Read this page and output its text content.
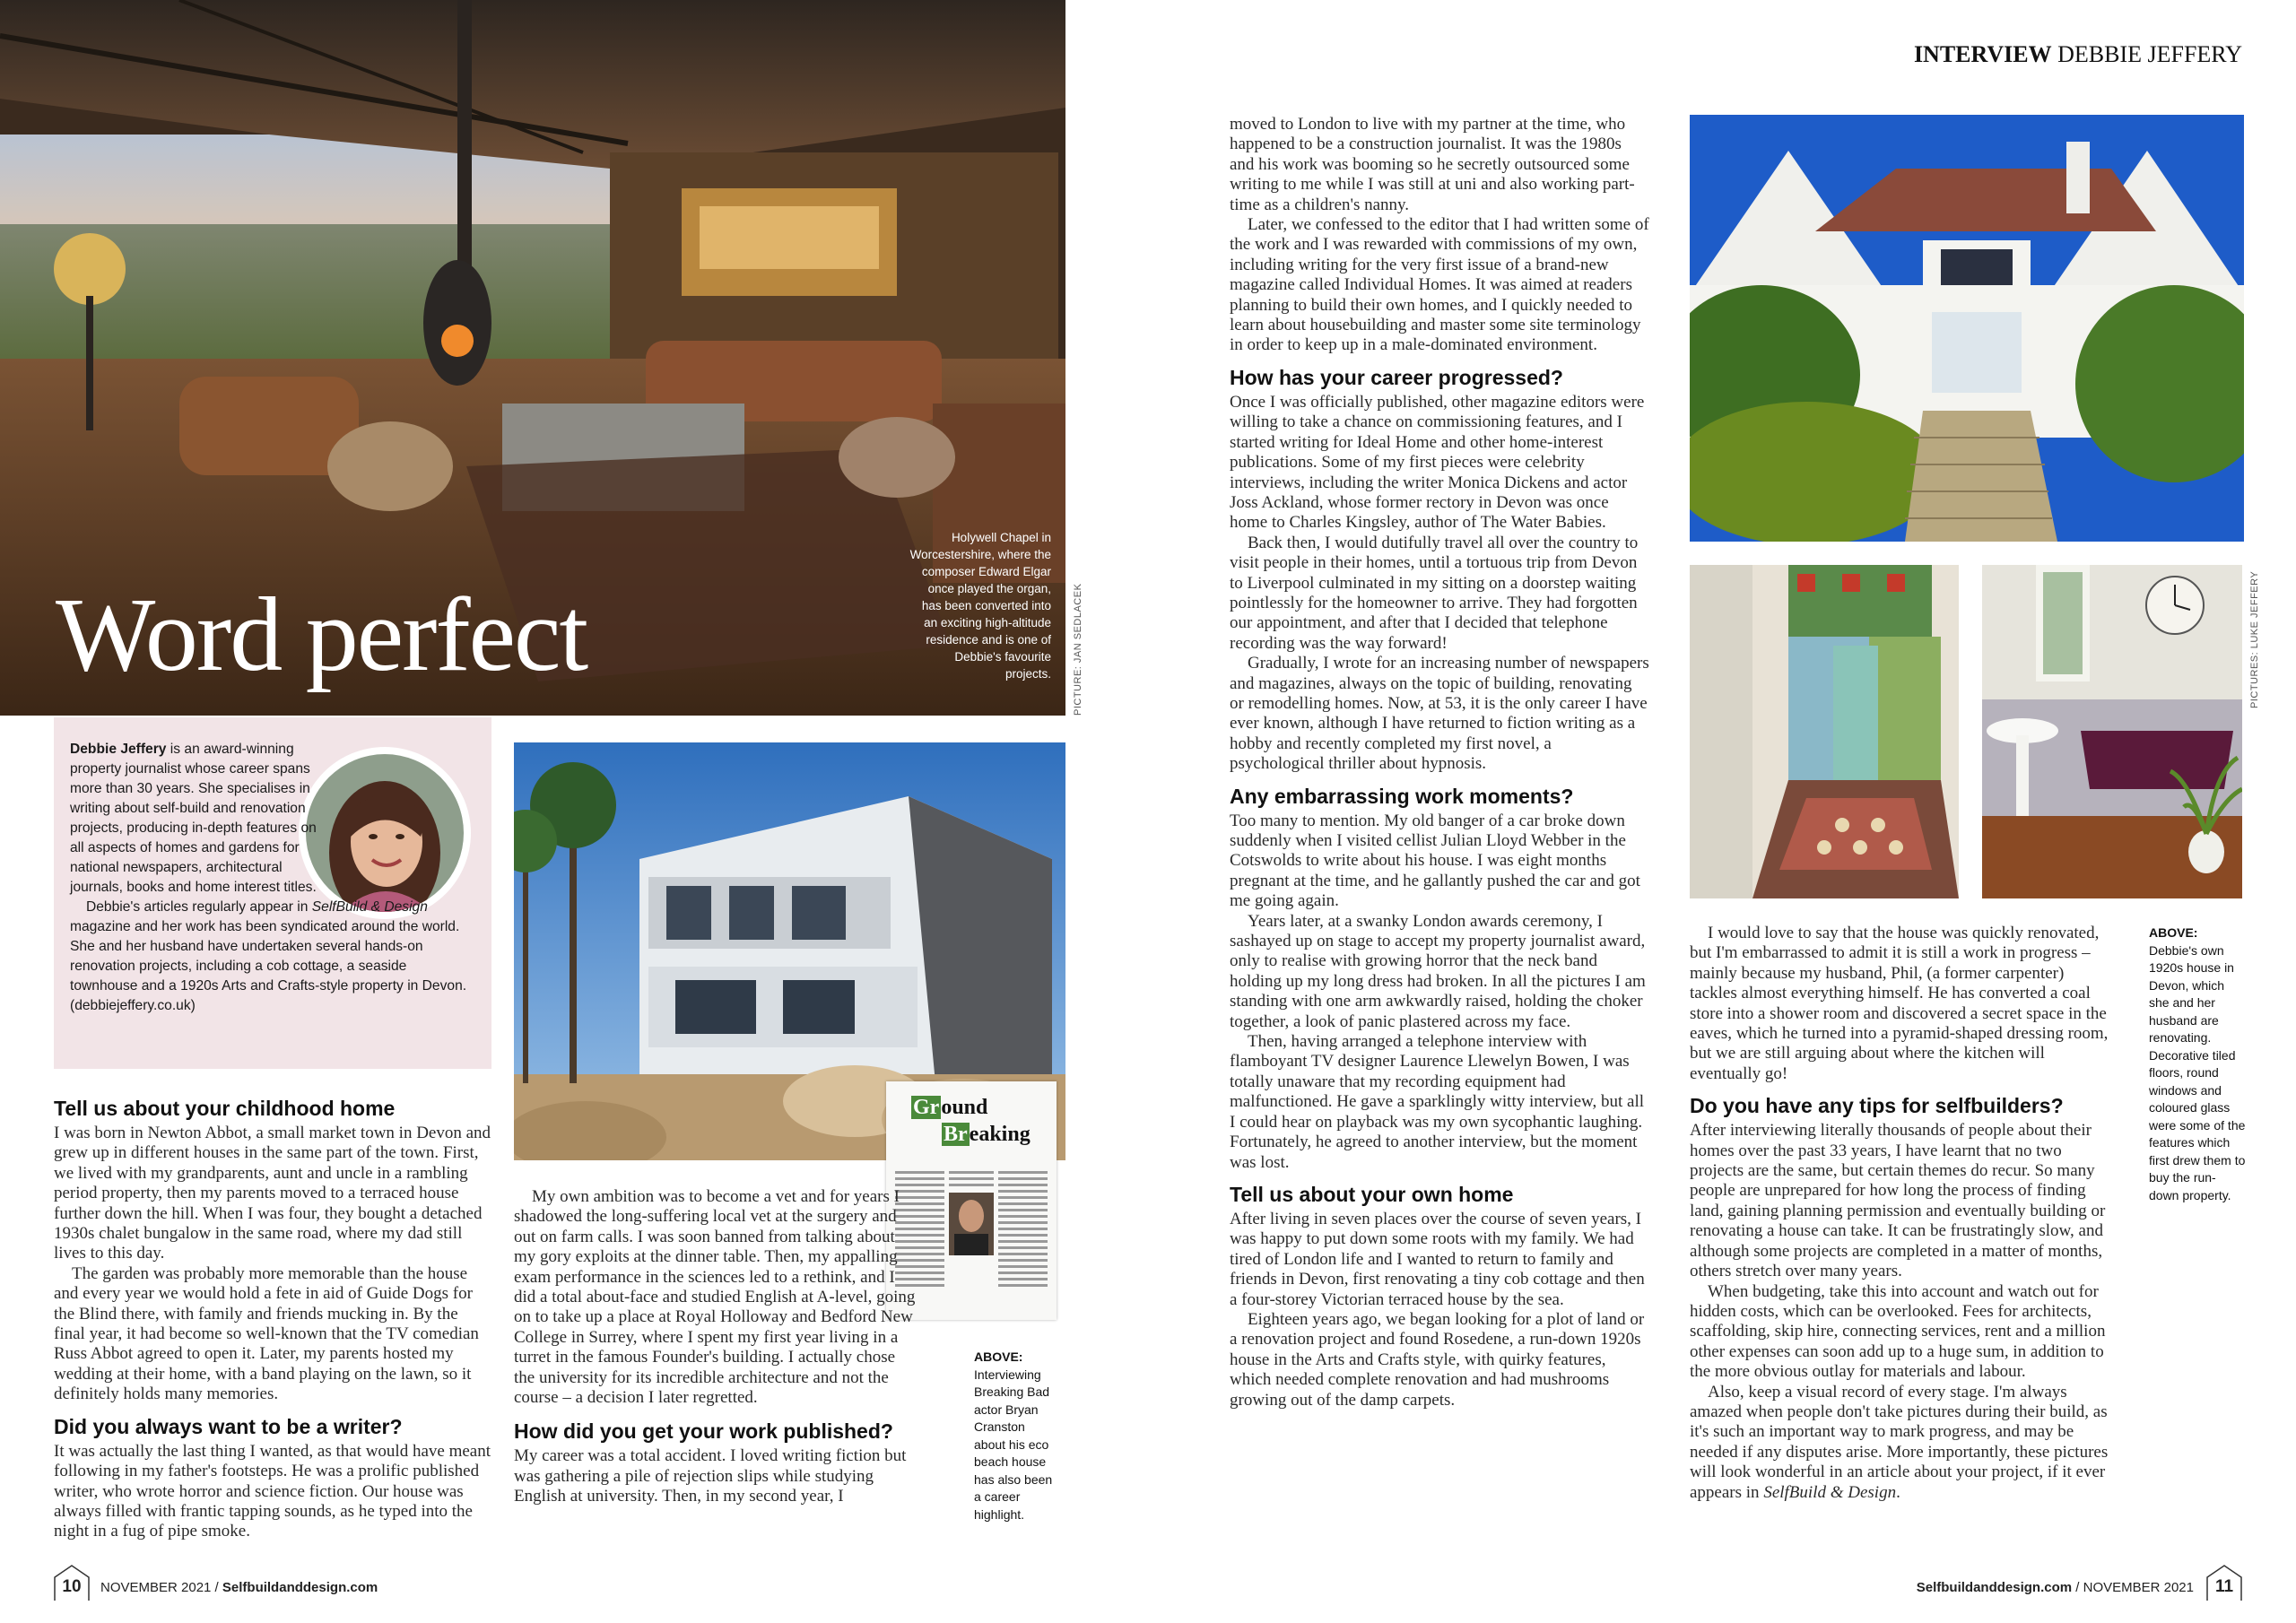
Word perfect
Holywell Chapel in Worcestershire, where the composer Edward Elgar once played the organ, has been converted into an exciting high-altitude residence and is one of Debbie's favourite projects. PICTURE: JAN SEDLACEK
Debbie Jeffery is an award-winning property journalist whose career spans more than 30 years. She specialises in writing about self-build and renovation projects, producing in-depth features on all aspects of homes and gardens for national newspapers, architectural journals, books and home interest titles.
Debbie's articles regularly appear in SelfBuild & Design magazine and her work has been syndicated around the world. She and her husband have undertaken several hands-on renovation projects, including a cob cottage, a seaside townhouse and a 1920s Arts and Crafts-style property in Devon. (debbiejeffery.co.uk)
Tell us about your childhood home

I was born in Newton Abbot, a small market town in Devon and grew up in different houses in the same part of the town. First, we lived with my grandparents, aunt and uncle in a rambling period property, then my parents moved to a terraced house further down the hill. When I was four, they bought a detached 1930s chalet bungalow in the same road, where my dad still lives to this day.

The garden was probably more memorable than the house and every year we would hold a fete in aid of Guide Dogs for the Blind there, with family and friends mucking in. By the final year, it had become so well-known that the TV comedian Russ Abbot agreed to open it. Later, my parents hosted my wedding at their home, with a band playing on the lawn, so it definitely holds many memories.

Did you always want to be a writer?

It was actually the last thing I wanted, as that would have meant following in my father's footsteps. He was a prolific published writer, who wrote horror and science fiction. Our house was always filled with frantic tapping sounds, as he typed into the night in a fug of pipe smoke.

Ground
Breaking
ABOVE:
Interviewing Breaking Bad actor Bryan Cranston about his eco beach house has also been a career highlight.

My own ambition was to become a vet and for years I shadowed the long-suffering local vet at the surgery and out on farm calls. I was soon banned from talking about my gory exploits at the dinner table. Then, my appalling exam performance in the sciences led to a rethink, and I did a total about-face and studied English at A-level, going on to take up a place at Royal Holloway and Bedford New College in Surrey, where I spent my first year living in a turret in the famous Founder's building. I actually chose the university for its incredible architecture and not the course – a decision I later regretted.

How did you get your work published?

My career was a total accident. I loved writing fiction but was gathering a pile of rejection slips while studying English at university. Then, in my second year, I

10	NOVEMBER 2021 / Selfbuildanddesign.com
INTERVIEW DEBBIE JEFFERY

moved to London to live with my partner at the time, who happened to be a construction journalist. It was the 1980s and his work was booming so he secretly outsourced some writing to me while I was still at uni and also working part-time as a children's nanny.

Later, we confessed to the editor that I had written some of the work and I was rewarded with commissions of my own, including writing for the very first issue of a brand-new magazine called Individual Homes. It was aimed at readers planning to build their own homes, and I quickly needed to learn about housebuilding and master some site terminology in order to keep up in a male-dominated environment.

How has your career progressed?

Once I was officially published, other magazine editors were willing to take a chance on commissioning features, and I started writing for Ideal Home and other home-interest publications. Some of my first pieces were celebrity interviews, including the writer Monica Dickens and actor Joss Ackland, whose former rectory in Devon was once home to Charles Kingsley, author of The Water Babies.

Back then, I would dutifully travel all over the country to visit people in their homes, until a tortuous trip from Devon to Liverpool culminated in my sitting on a doorstep waiting pointlessly for the homeowner to arrive. They had forgotten our appointment, and after that I decided that telephone recording was the way forward!

Gradually, I wrote for an increasing number of newspapers and magazines, always on the topic of building, renovating or remodelling homes. Now, at 53, it is the only career I have ever known, although I have returned to fiction writing as a hobby and recently completed my first novel, a psychological thriller about hypnosis.

Any embarrassing work moments?

Too many to mention. My old banger of a car broke down suddenly when I visited cellist Julian Lloyd Webber in the Cotswolds to write about his house. I was eight months pregnant at the time, and he gallantly pushed the car and got me going again.

Years later, at a swanky London awards ceremony, I sashayed up on stage to accept my property journalist award, only to realise with growing horror that the neck band holding up my long dress had broken. In all the pictures I am standing with one arm awkwardly raised, holding the choker together, a look of panic plastered across my face.

Then, having arranged a telephone interview with flamboyant TV designer Laurence Llewelyn Bowen, I was totally unaware that my recording equipment had malfunctioned. He gave a sparklingly witty interview, but all I could hear on playback was my own sycophantic laughing. Fortunately, he agreed to another interview, but the moment was lost.

Tell us about your own home

After living in seven places over the course of seven years, I was happy to put down some roots with my family. We had tired of London life and I wanted to return to family and friends in Devon, first renovating a tiny cob cottage and then a four-storey Victorian terraced house by the sea.

Eighteen years ago, we began looking for a plot of land or a renovation project and found Rosedene, a run-down 1920s house in the Arts and Crafts style, with quirky features, which needed complete renovation and had mushrooms growing out of the damp carpets.

PICTURES: LUKE JEFFERY

I would love to say that the house was quickly renovated, but I'm embarrassed to admit it is still a work in progress – mainly because my husband, Phil, (a former carpenter) tackles almost everything himself. He has converted a coal store into a shower room and discovered a secret space in the eaves, which he turned into a pyramid-shaped dressing room, but we are still arguing about where the kitchen will eventually go!

Do you have any tips for selfbuilders?

After interviewing literally thousands of people about their homes over the past 33 years, I have learnt that no two projects are the same, but certain themes do recur. So many people are unprepared for how long the process of finding land, gaining planning permission and eventually building or renovating a house can take. It can be frustratingly slow, and although some projects are completed in a matter of months, others stretch over many years.

When budgeting, take this into account and watch out for hidden costs, which can be overlooked. Fees for architects, scaffolding, skip hire, connecting services, rent and a million other expenses can soon add up to a huge sum, in addition to the more obvious outlay for materials and labour.

Also, keep a visual record of every stage. I'm always amazed when people don't take pictures during their build, as it's such an important way to mark progress, and may be needed if any disputes arise. More importantly, these pictures will look wonderful in an article about your project, if it ever appears in SelfBuild & Design.

ABOVE:
Debbie's own 1920s house in Devon, which she and her husband are renovating. Decorative tiled floors, round windows and coloured glass were some of the features which first drew them to buy the run-down property.
Selfbuildanddesign.com / NOVEMBER 2021	11
